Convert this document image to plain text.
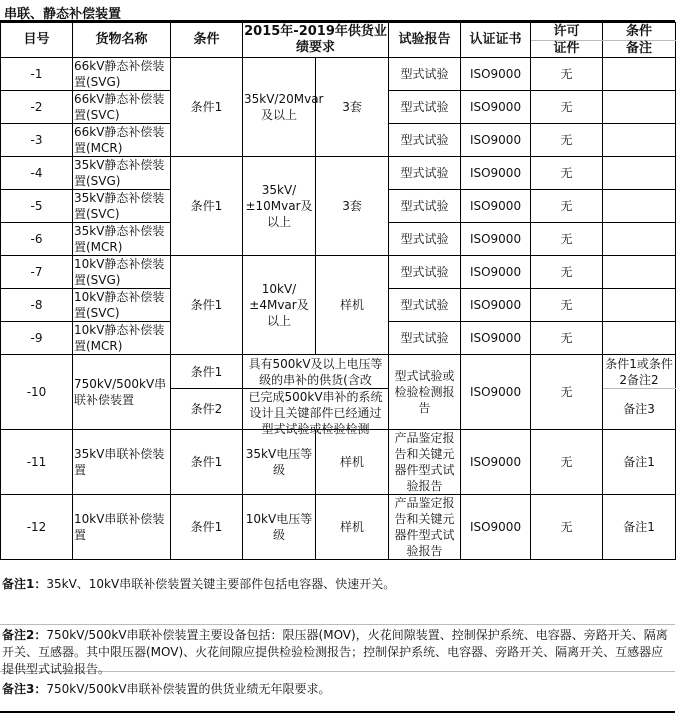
串联、静态补偿装置
目号	货物名称	条件	2015年-2019年供货业绩要求		试验报告	认证证书	许可	条件
							证件	备注
-1	66kV静态补偿装置(SVG)	条件1	35kV/20Mvar及以上	3套	型式试验	ISO9000	无	
-2	66kV静态补偿装置(SVC)				型式试验	ISO9000	无	
-3	66kV静态补偿装置(MCR)				型式试验	ISO9000	无	
-4	35kV静态补偿装置(SVG)	条件1	35kV/±10Mvar及以上	3套	型式试验	ISO9000	无	
-5	35kV静态补偿装置(SVC)				型式试验	ISO9000	无	
-6	35kV静态补偿装置(MCR)				型式试验	ISO9000	无	
-7	10kV静态补偿装置(SVG)	条件1	10kV/±4Mvar及以上	样机	型式试验	ISO9000	无	
-8	10kV静态补偿装置(SVC)				型式试验	ISO9000	无	
-9	10kV静态补偿装置(MCR)				型式试验	ISO9000	无	
-10	750kV/500kV串联补偿装置	条件1	具有500kV及以上电压等级的串补的供货(含改		型式试验或检验检测报告	ISO9000	无	条件1或条件2备注2
		条件2	已完成500kV串补的系统设计且关键部件已经通过型式试验或检验检测					备注3
-11	35kV串联补偿装置	条件1	35kV电压等级	样机	产品鉴定报告和关键元器件型式试验报告	ISO9000	无	备注1
-12	10kV串联补偿装置	条件1	10kV电压等级	样机	产品鉴定报告和关键元器件型式试验报告	ISO9000	无	备注1
备注1：35kV、10kV串联补偿装置关键主要部件包括电容器、快速开关。
备注2：750kV/500kV串联补偿装置主要设备包括：限压器(MOV)，火花间隙装置、控制保护系统、电容器、旁路开关、隔离开关、互感器。其中限压器(MOV)、火花间隙应提供检验检测报告；控制保护系统、电容器、旁路开关、隔离开关、互感器应提供型式试验报告。
备注3：750kV/500kV串联补偿装置的供货业绩无年限要求。
